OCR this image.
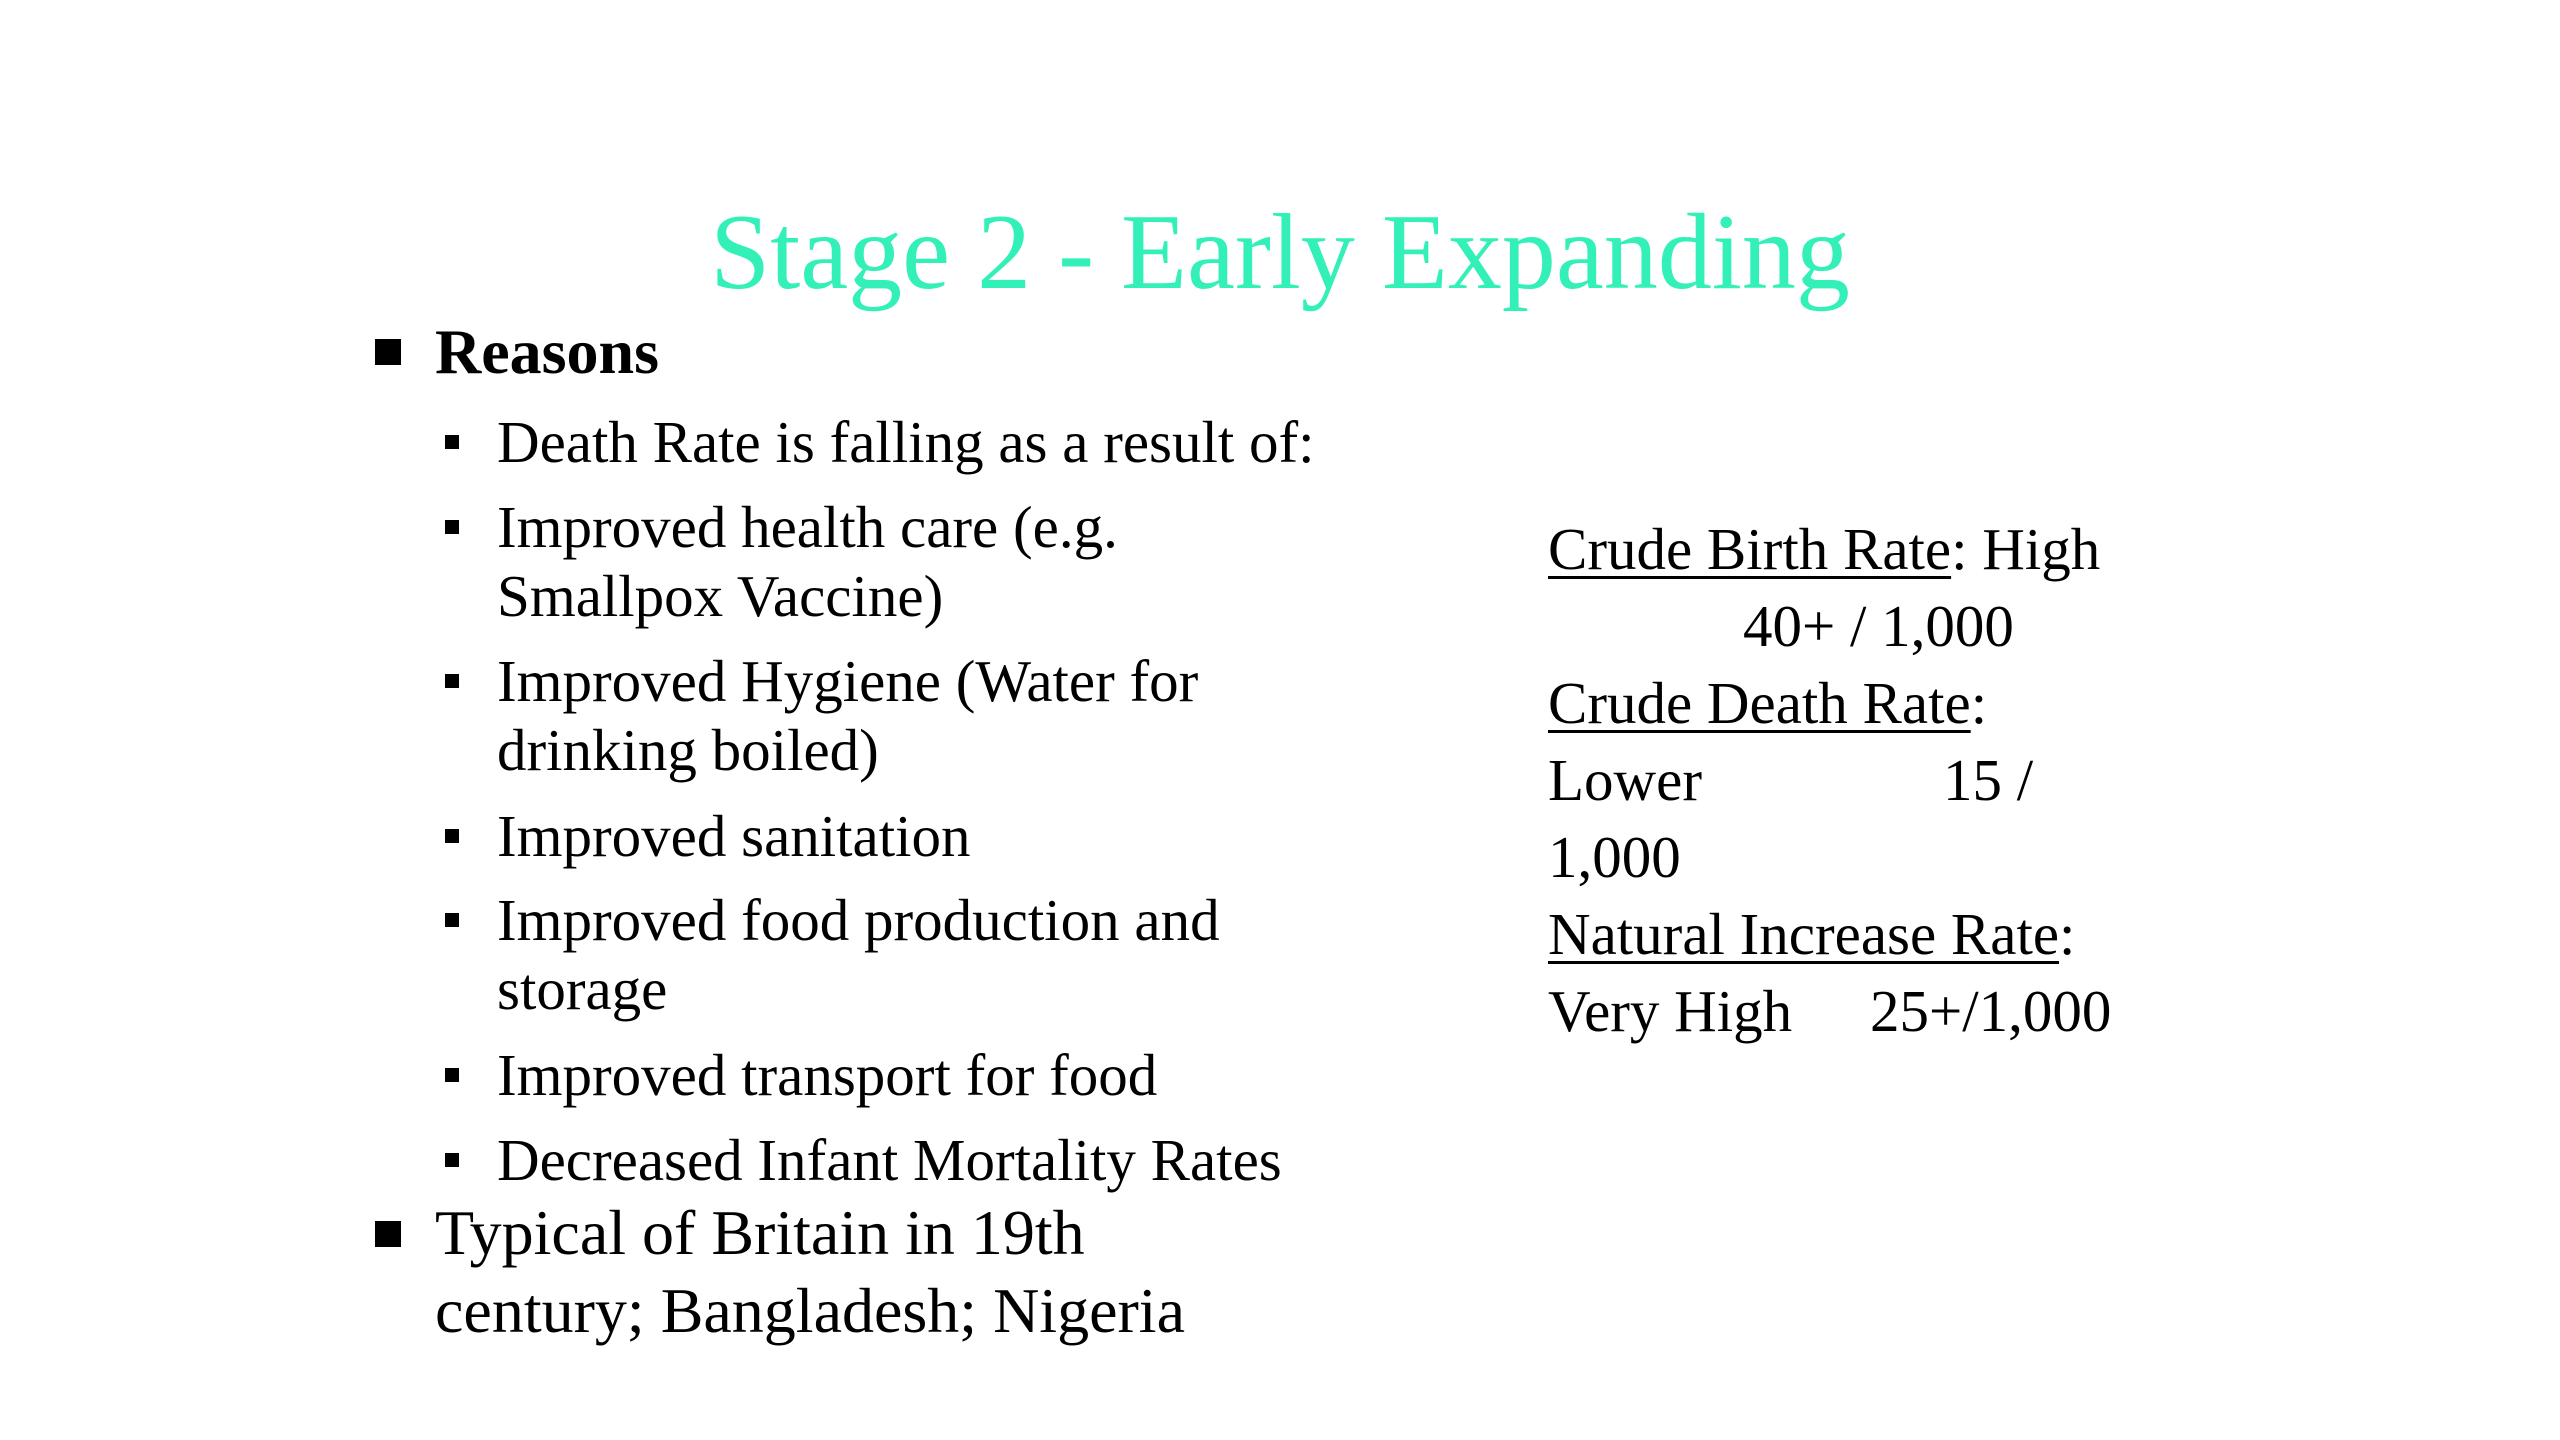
Stage 2 - Early Expanding
Reasons
Death Rate is falling as a result of:
Improved health care (e.g.
Smallpox Vaccine)
Improved Hygiene (Water for
drinking boiled)
Improved sanitation
Improved food production and
storage
Improved transport for food
Decreased Infant Mortality Rates
Typical of Britain in 19th
century; Bangladesh; Nigeria
Crude Birth Rate: High
40+ / 1,000
Crude Death Rate:
Lower	15 /
1,000
Natural Increase Rate:
Very High 25+/1,000
